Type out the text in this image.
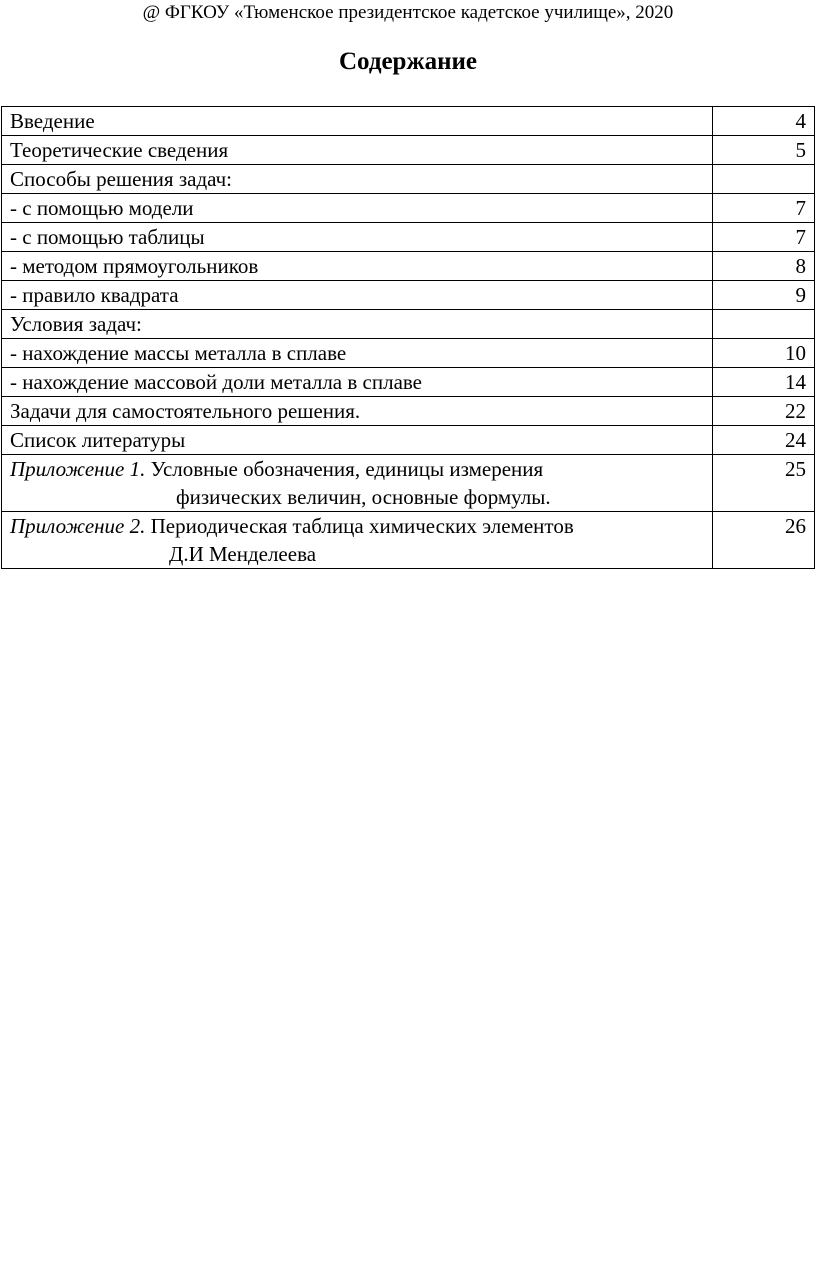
@ ФГКОУ «Тюменское президентское кадетское училище», 2020
Содержание
Введение	4
Теоретические сведения	5
Способы решения задач:	
- с помощью модели	7
- с помощью таблицы	7
- методом прямоугольников	8
- правило квадрата	9
Условия задач:	
- нахождение массы металла в сплаве	10
- нахождение массовой доли металла в сплаве	14
Задачи для самостоятельного решения.	22
Список литературы	24
Приложение 1. Условные обозначения, единицы измерения
физических величин, основные формулы.	25
Приложение 2. Периодическая таблица химических элементов
Д.И Менделеева	26
